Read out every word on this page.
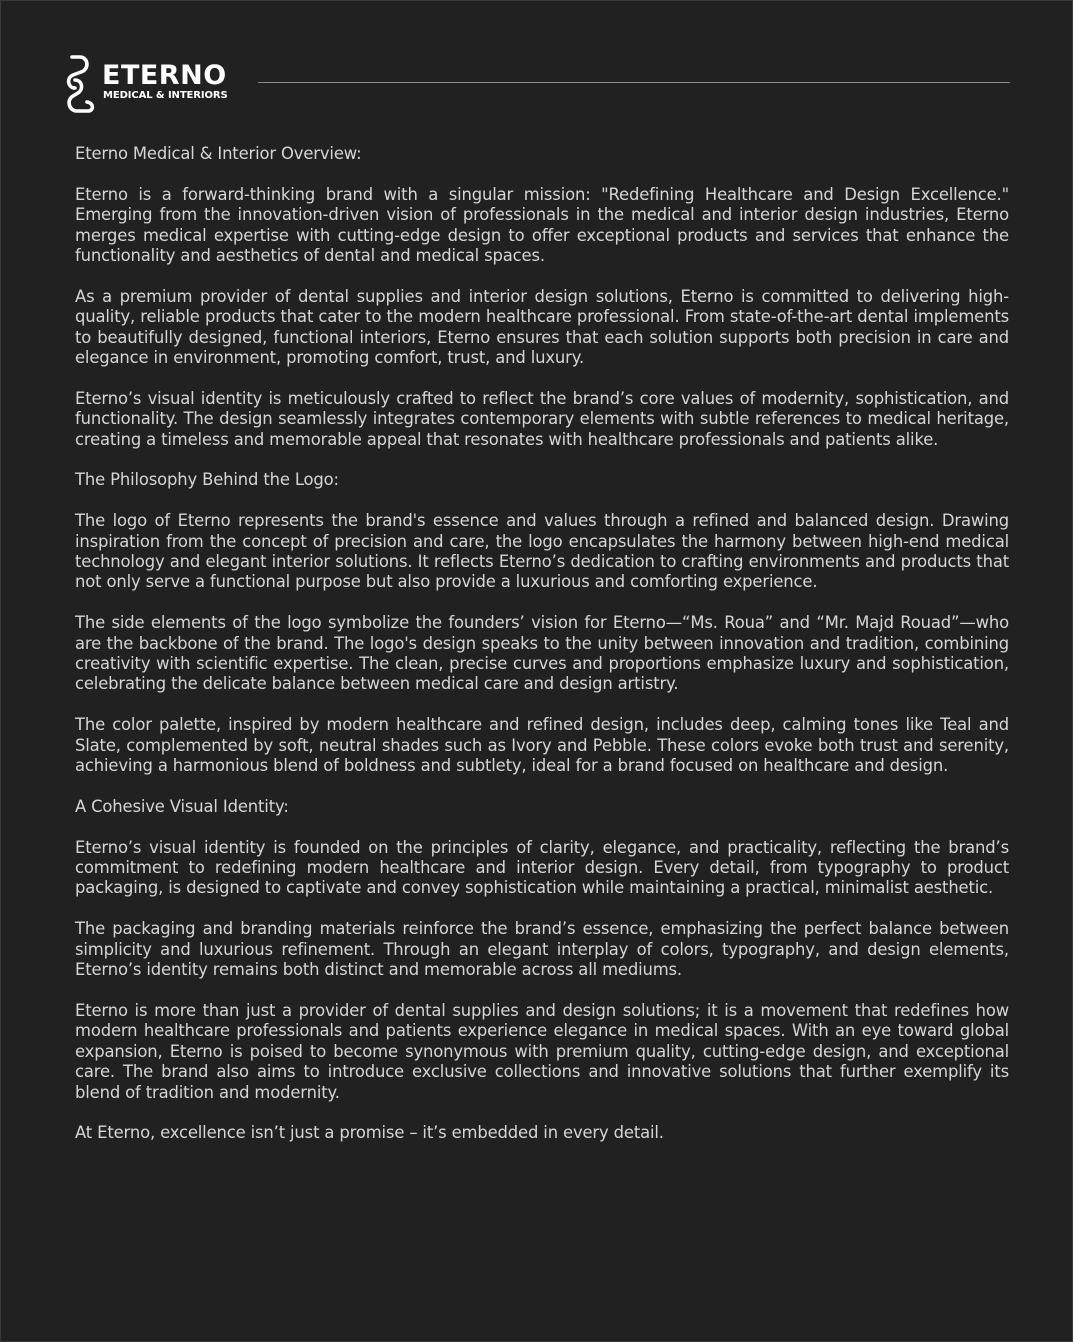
ETERNO
MEDICAL & INTERIORS

Eterno Medical & Interior Overview:

Eterno is a forward-thinking brand with a singular mission: "Redefining Healthcare and Design Excellence." Emerging from the innovation-driven vision of professionals in the medical and interior design industries, Eterno merges medical expertise with cutting-edge design to offer exceptional products and services that enhance the functionality and aesthetics of dental and medical spaces.

As a premium provider of dental supplies and interior design solutions, Eterno is committed to delivering high-quality, reliable products that cater to the modern healthcare professional. From state-of-the-art dental implements to beautifully designed, functional interiors, Eterno ensures that each solution supports both precision in care and elegance in environment, promoting comfort, trust, and luxury.

Eterno’s visual identity is meticulously crafted to reflect the brand’s core values of modernity, sophistication, and functionality. The design seamlessly integrates contemporary elements with subtle references to medical heritage, creating a timeless and memorable appeal that resonates with healthcare professionals and patients alike.

The Philosophy Behind the Logo:

The logo of Eterno represents the brand's essence and values through a refined and balanced design. Drawing inspiration from the concept of precision and care, the logo encapsulates the harmony between high-end medical technology and elegant interior solutions. It reflects Eterno’s dedication to crafting environments and products that not only serve a functional purpose but also provide a luxurious and comforting experience.

The side elements of the logo symbolize the founders’ vision for Eterno—“Ms. Roua” and “Mr. Majd Rouad”—who are the backbone of the brand. The logo's design speaks to the unity between innovation and tradition, combining creativity with scientific expertise. The clean, precise curves and proportions emphasize luxury and sophistication, celebrating the delicate balance between medical care and design artistry.

The color palette, inspired by modern healthcare and refined design, includes deep, calming tones like Teal and Slate, complemented by soft, neutral shades such as Ivory and Pebble. These colors evoke both trust and serenity, achieving a harmonious blend of boldness and subtlety, ideal for a brand focused on healthcare and design.

A Cohesive Visual Identity:

Eterno’s visual identity is founded on the principles of clarity, elegance, and practicality, reflecting the brand’s commitment to redefining modern healthcare and interior design. Every detail, from typography to product packaging, is designed to captivate and convey sophistication while maintaining a practical, minimalist aesthetic.

The packaging and branding materials reinforce the brand’s essence, emphasizing the perfect balance between simplicity and luxurious refinement. Through an elegant interplay of colors, typography, and design elements, Eterno’s identity remains both distinct and memorable across all mediums.

Eterno is more than just a provider of dental supplies and design solutions; it is a movement that redefines how modern healthcare professionals and patients experience elegance in medical spaces. With an eye toward global expansion, Eterno is poised to become synonymous with premium quality, cutting-edge design, and exceptional care. The brand also aims to introduce exclusive collections and innovative solutions that further exemplify its blend of tradition and modernity.

At Eterno, excellence isn’t just a promise – it’s embedded in every detail.
